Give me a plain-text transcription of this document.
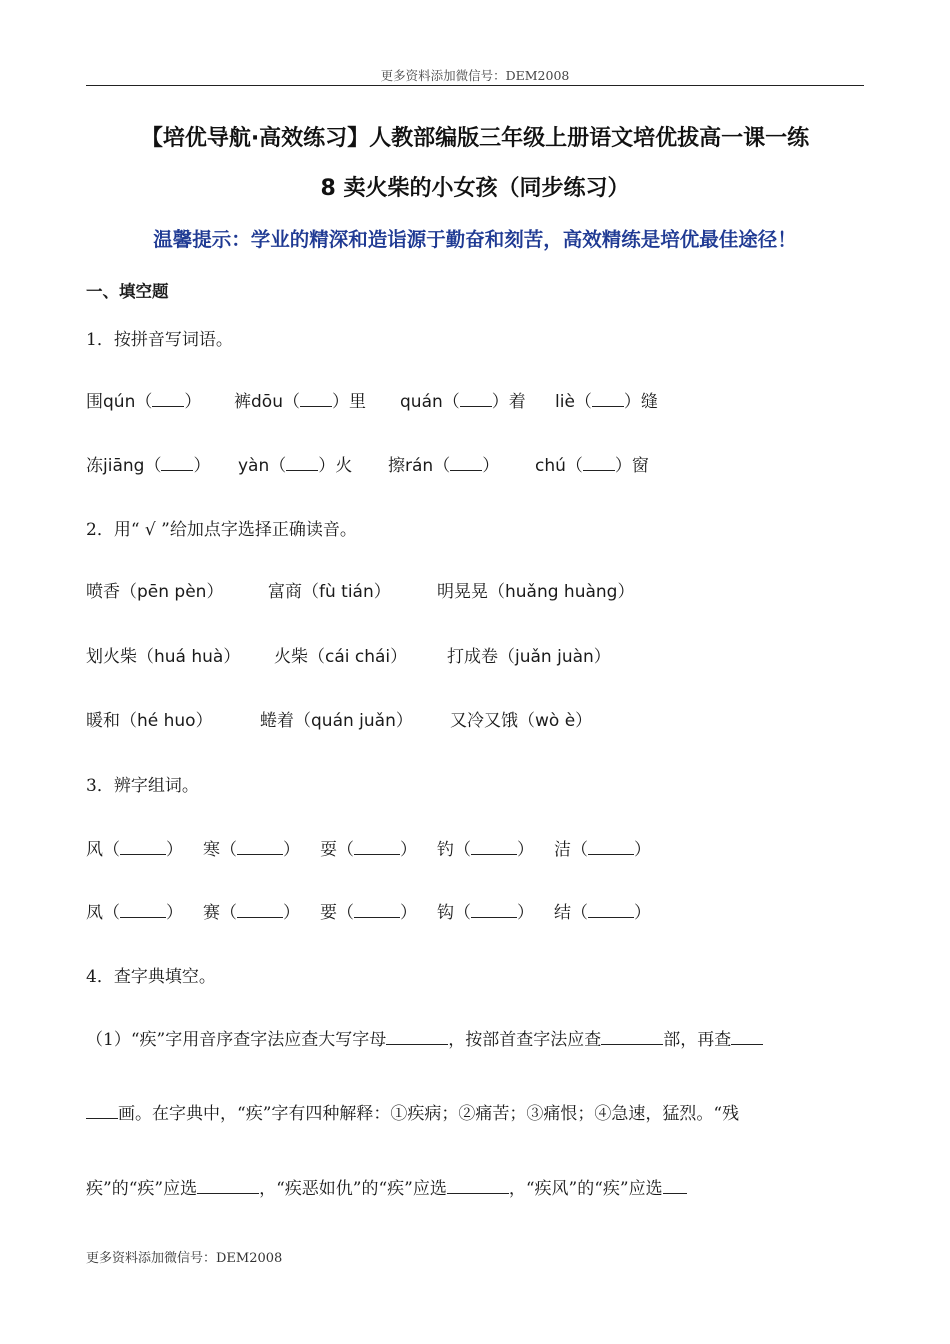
更多资料添加微信号：DEM2008
【培优导航·高效练习】人教部编版三年级上册语文培优拔高一课一练
8 卖火柴的小女孩（同步练习）
温馨提示：学业的精深和造诣源于勤奋和刻苦，高效精练是培优最佳途径！
一、填空题
1．按拼音写词语。
围qún（ ） 裤dōu（ ）里 quán（ ）着 liè（ ）缝
冻jiāng（ ） yàn（ ）火 擦rán（ ） chú（ ）窗
2．用“ √ ”给加点字选择正确读音。
喷香（pēn pèn）	富商（fù tián）	明晃晃（huǎng huàng）
划火柴（huá huà） 火柴（cái chái） 打成卷（juǎn juàn）
暖和（hé huo）	蜷着（quán juǎn） 又冷又饿（wò è）
3．辨字组词。
风（	） 寒（	） 耍（	） 钓（	） 洁（	）
凤（	） 赛（	） 要（	） 钩（	） 结（	）
4．查字典填空。
（1）“疾”字用音序查字法应查大写字母	，按部首查字法应查	部，再查
画。在字典中，“疾”字有四种解释：①疾病；②痛苦；③痛恨；④急速，猛烈。“残
疾”的“疾”应选	，“疾恶如仇”的“疾”应选	，“疾风”的“疾”应选
更多资料添加微信号：DEM2008
